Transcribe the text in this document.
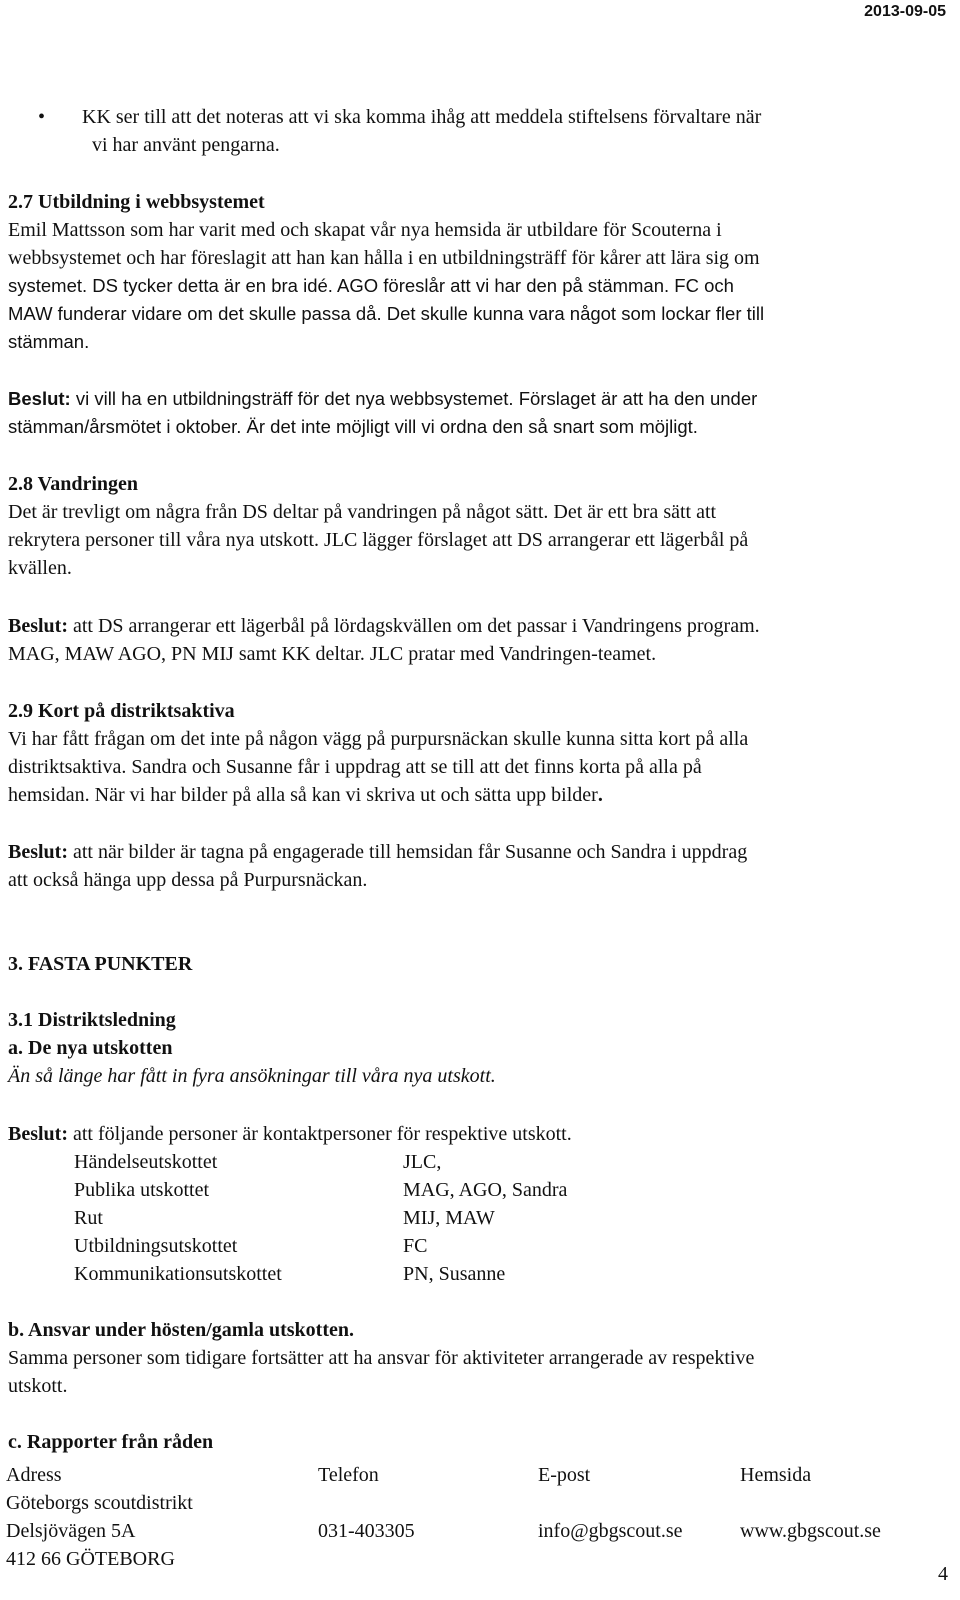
2013-09-05
• KK ser till att det noteras att vi ska komma ihåg att meddela stiftelsens förvaltare när
vi har använt pengarna.
2.7 Utbildning i webbsystemet
Emil Mattsson som har varit med och skapat vår nya hemsida är utbildare för Scouterna i
webbsystemet och har föreslagit att han kan hålla i en utbildningsträff för kårer att lära sig om
systemet. DS tycker detta är en bra idé. AGO föreslår att vi har den på stämman. FC och
MAW funderar vidare om det skulle passa då. Det skulle kunna vara något som lockar fler till
stämman.
Beslut: vi vill ha en utbildningsträff för det nya webbsystemet. Förslaget är att ha den under
stämman/årsmötet i oktober. Är det inte möjligt vill vi ordna den så snart som möjligt.
2.8 Vandringen
Det är trevligt om några från DS deltar på vandringen på något sätt. Det är ett bra sätt att
rekrytera personer till våra nya utskott. JLC lägger förslaget att DS arrangerar ett lägerbål på
kvällen.
Beslut: att DS arrangerar ett lägerbål på lördagskvällen om det passar i Vandringens program.
MAG, MAW AGO, PN MIJ samt KK deltar. JLC pratar med Vandringen-teamet.
2.9 Kort på distriktsaktiva
Vi har fått frågan om det inte på någon vägg på purpursnäckan skulle kunna sitta kort på alla
distriktsaktiva. Sandra och Susanne får i uppdrag att se till att det finns korta på alla på
hemsidan. När vi har bilder på alla så kan vi skriva ut och sätta upp bilder.
Beslut: att när bilder är tagna på engagerade till hemsidan får Susanne och Sandra i uppdrag
att också hänga upp dessa på Purpursnäckan.
3. FASTA PUNKTER
3.1 Distriktsledning
a. De nya utskotten
Än så länge har fått in fyra ansökningar till våra nya utskott.
Beslut: att följande personer är kontaktpersoner för respektive utskott.
Händelseutskottet	JLC,
Publika utskottet	MAG, AGO, Sandra
Rut	MIJ, MAW
Utbildningsutskottet	FC
Kommunikationsutskottet	PN, Susanne
b. Ansvar under hösten/gamla utskotten.
Samma personer som tidigare fortsätter att ha ansvar för aktiviteter arrangerade av respektive
utskott.
c. Rapporter från råden
Adress	Telefon	E-post	Hemsida
Göteborgs scoutdistrikt
Delsjövägen 5A	031-403305	info@gbgscout.se	www.gbgscout.se
412 66 GÖTEBORG
4
